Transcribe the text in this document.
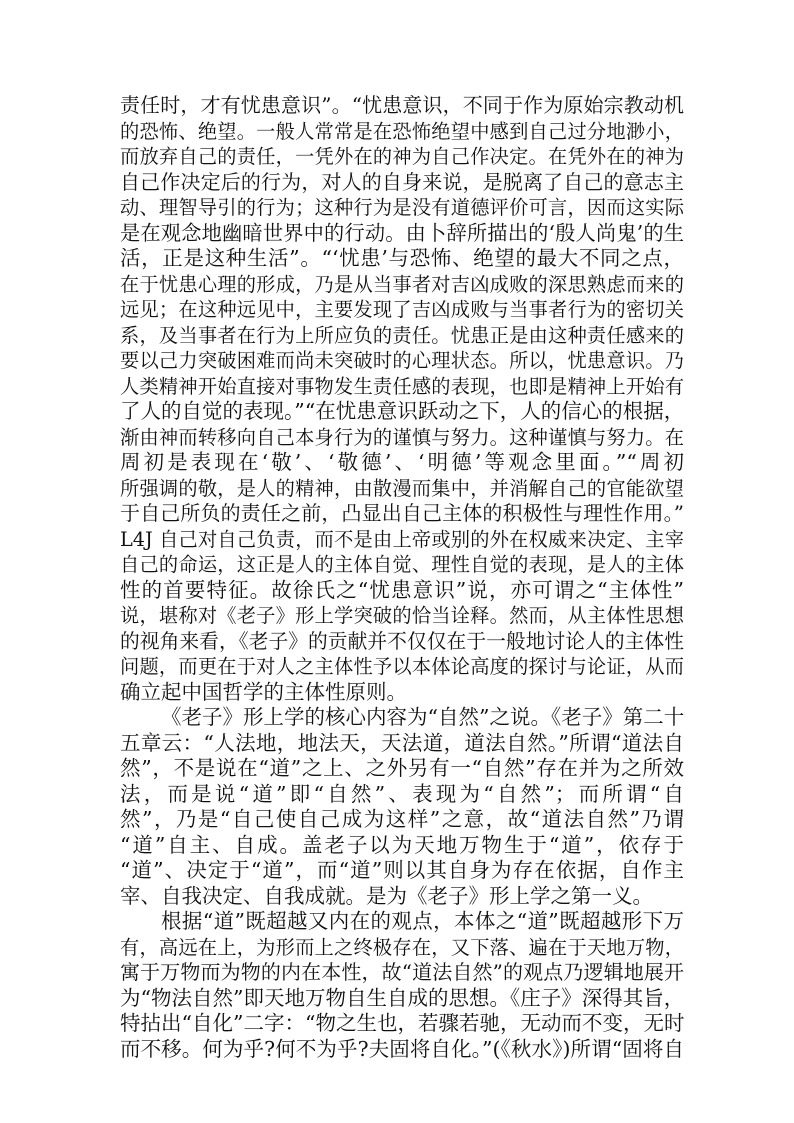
责任时，才有忧患意识”。“忧患意识，不同于作为原始宗教动机
的恐怖、绝望。一般人常常是在恐怖绝望中感到自己过分地渺小，
而放弃自己的责任，一凭外在的神为自己作决定。在凭外在的神为
自己作决定后的行为，对人的自身来说，是脱离了自己的意志主
动、理智导引的行为；这种行为是没有道德评价可言，因而这实际
是在观念地幽暗世界中的行动。由卜辞所描出的‘殷人尚鬼’的生
活，正是这种生活”。“‘忧患’与恐怖、绝望的最大不同之点，
在于忧患心理的形成，乃是从当事者对吉凶成败的深思熟虑而来的
远见；在这种远见中，主要发现了吉凶成败与当事者行为的密切关
系，及当事者在行为上所应负的责任。忧患正是由这种责任感来的
要以己力突破困难而尚未突破时的心理状态。所以，忧患意识。乃
人类精神开始直接对事物发生责任感的表现，也即是精神上开始有
了人的自觉的表现。”“在忧患意识跃动之下，人的信心的根据，
渐由神而转移向自己本身行为的谨慎与努力。这种谨慎与努力。在
周初是表现在‘敬’、‘敬德’、‘明德’等观念里面。”“周初
所强调的敬，是人的精神，由散漫而集中，并消解自己的官能欲望
于自己所负的责任之前，凸显出自己主体的积极性与理性作用。”
L4J 自己对自己负责，而不是由上帝或别的外在权威来决定、主宰
自己的命运，这正是人的主体自觉、理性自觉的表现，是人的主体
性的首要特征。故徐氏之“忧患意识”说，亦可谓之“主体性”
说，堪称对《老子》形上学突破的恰当诠释。然而，从主体性思想
的视角来看，《老子》的贡献并不仅仅在于一般地讨论人的主体性
问题，而更在于对人之主体性予以本体论高度的探讨与论证，从而
确立起中国哲学的主体性原则。
《老子》形上学的核心内容为“自然”之说。《老子》第二十
五章云：“人法地，地法天，天法道，道法自然。”所谓“道法自
然”，不是说在“道”之上、之外另有一“自然”存在并为之所效
法，而是说“道”即“自然”、表现为“自然”；而所谓“自
然”，乃是“自己使自己成为这样”之意，故“道法自然”乃谓
“道”自主、自成。盖老子以为天地万物生于“道”，依存于
“道”、决定于“道”，而“道”则以其自身为存在依据，自作主
宰、自我决定、自我成就。是为《老子》形上学之第一义。
根据“道”既超越又内在的观点，本体之“道”既超越形下万
有，高远在上，为形而上之终极存在，又下落、遍在于天地万物，
寓于万物而为物的内在本性，故“道法自然”的观点乃逻辑地展开
为“物法自然”即天地万物自生自成的思想。《庄子》深得其旨，
特拈出“自化”二字：“物之生也，若骤若驰，无动而不变，无时
而不移。何为乎?何不为乎?夫固将自化。”(《秋水》)所谓“固将自
